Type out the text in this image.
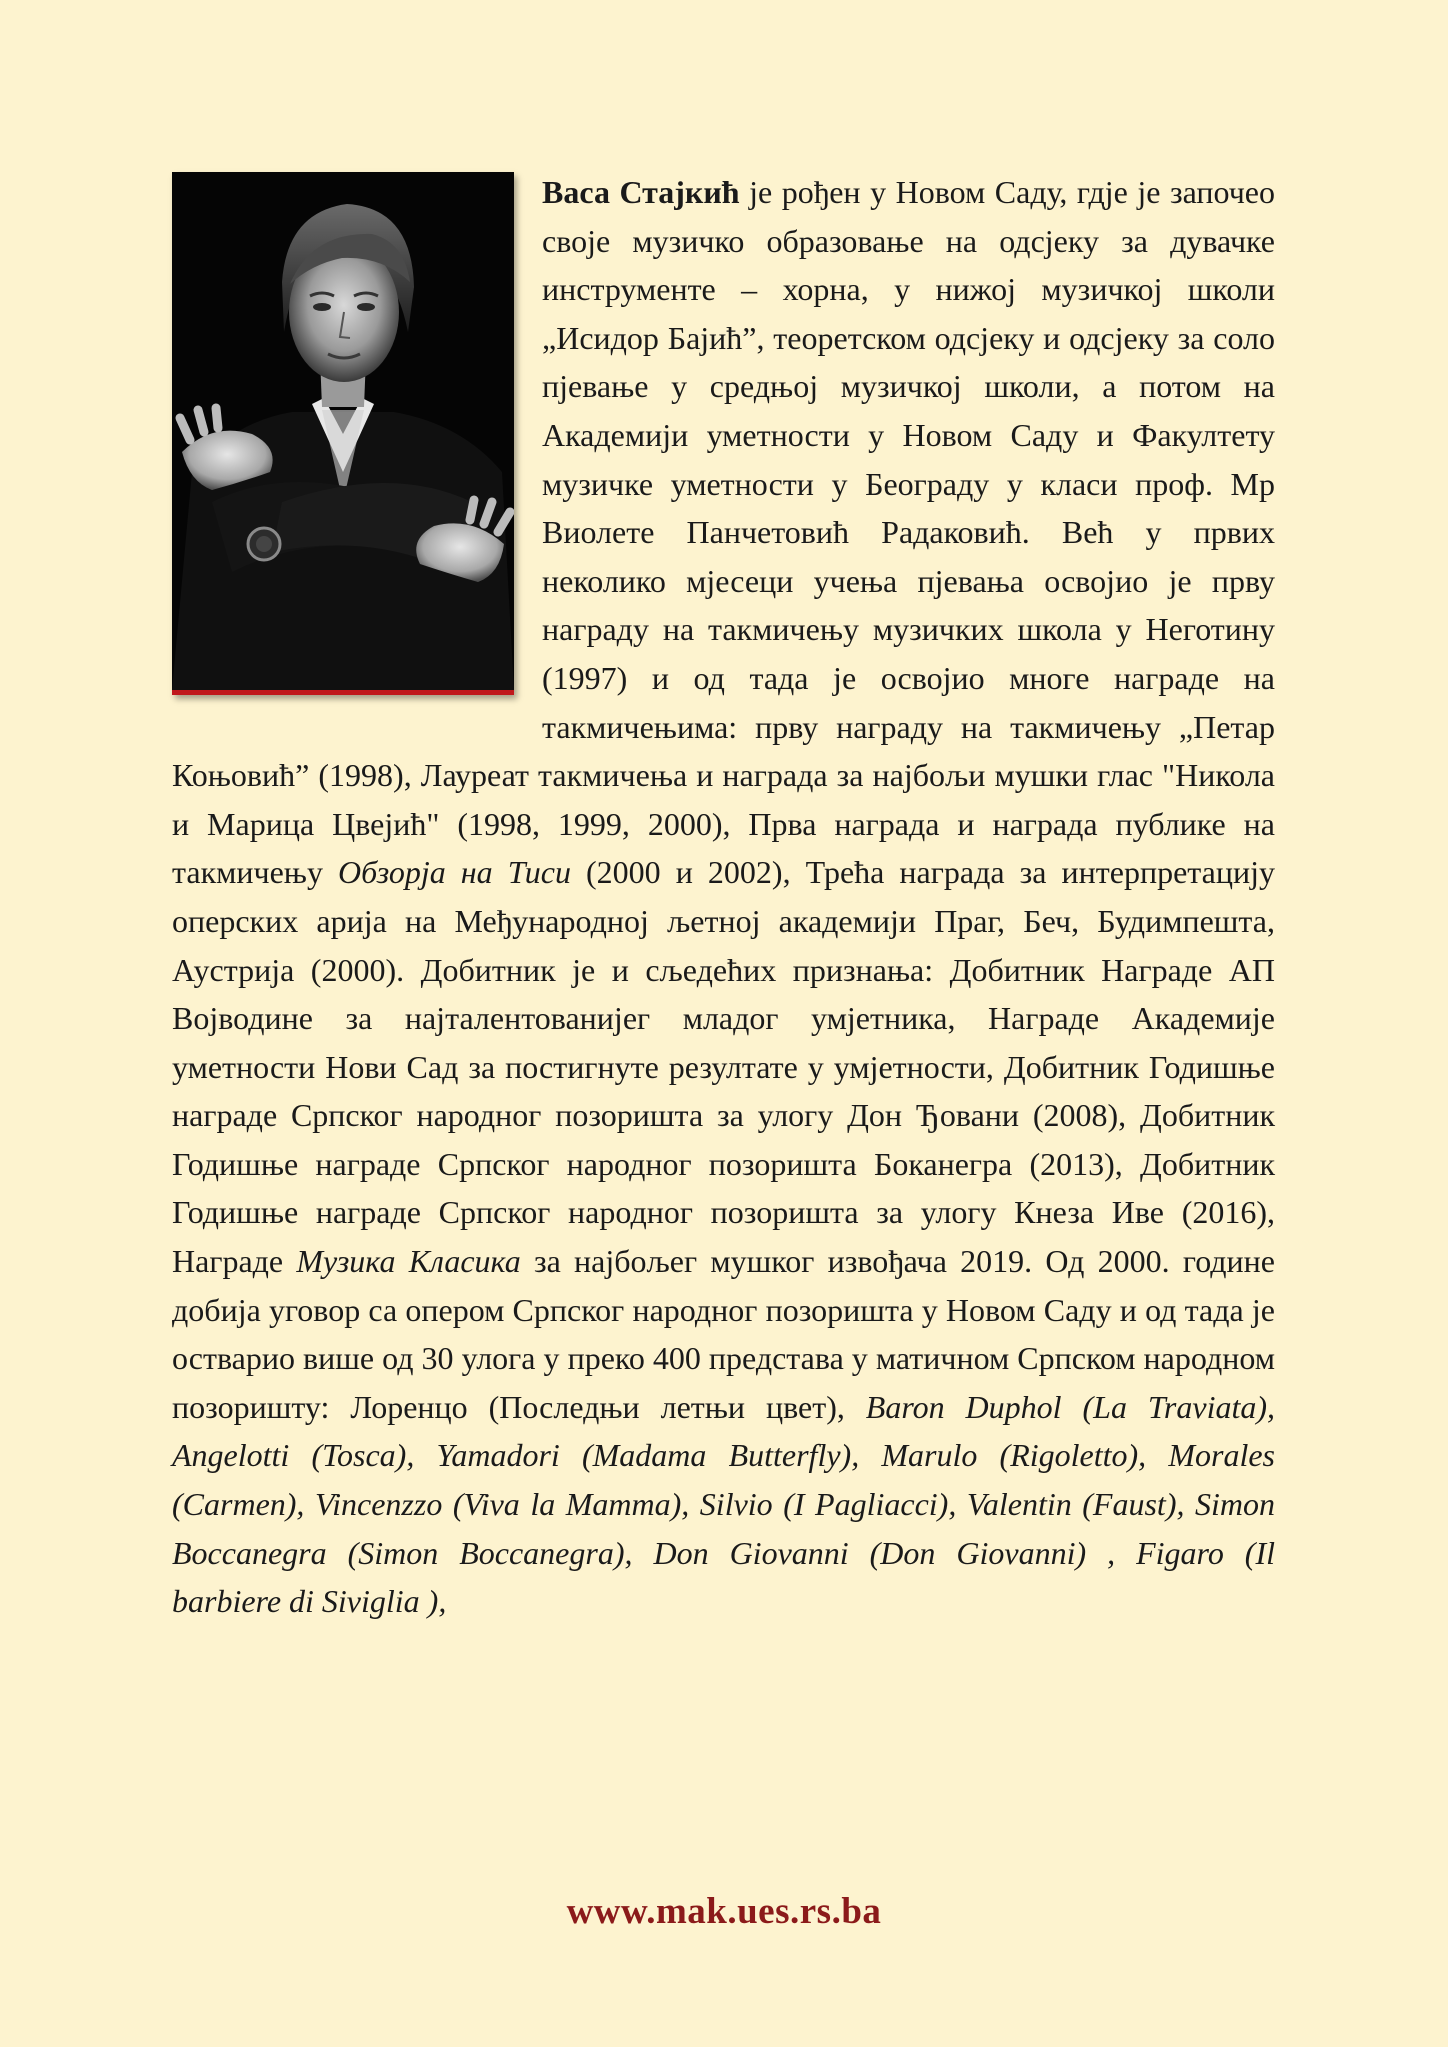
Васа Стајкић је рођен у Новом Саду, гдје је започео своје музичко образовање на одсјеку за дувачке инструменте – хорна, у нижој музичкој школи „Исидор Бајић”, теоретском одсјеку и одсјеку за соло пјевање у средњој музичкој школи, а потом на Академији уметности у Новом Саду и Факултету музичке уметности у Београду у класи проф. Мр Виолете Панчетовић Радаковић. Већ у првих неколико мјесеци учења пјевања освојио је прву награду на такмичењу музичких школа у Неготину (1997) и од тада је освојио многе награде на такмичењима: прву награду на такмичењу „Петар Коњовић” (1998), Лауреат такмичења и награда за најбољи мушки глас "Никола и Марица Цвејић" (1998, 1999, 2000), Прва награда и награда публике на такмичењу Обзорја на Тиси (2000 и 2002), Трећа награда за интерпретацију оперских арија на Међународној љетној академији Праг, Беч, Будимпешта, Аустрија (2000). Добитник је и сљедећих признања: Добитник Награде АП Војводине за најталентованијег младог умјетника, Награде Академије уметности Нови Сад за постигнуте резултате у умјетности, Добитник Годишње награде Српског народног позоришта за улогу Дон Ђовани (2008), Добитник Годишње награде Српског народног позоришта Боканегра (2013), Добитник Годишње награде Српског народног позоришта за улогу Кнеза Иве (2016), Награде Музика Класика за најбољег мушког извођача 2019. Од 2000. године добија уговор са опером Српског народног позоришта у Новом Саду и од тада је остварио више од 30 улога у преко 400 представа у матичном Српском народном позоришту: Лоренцо (Последњи летњи цвет), Baron Duphol (La Traviata), Angelotti (Tosca), Yamadori (Madama Butterfly), Marulo (Rigoletto), Morales (Carmen), Vincenzzo (Viva la Mamma), Silvio (I Pagliacci), Valentin (Faust), Simon Boccanegra (Simon Boccanegra), Don Giovanni (Don Giovanni) , Figaro (Il barbiere di Siviglia ),

www.mak.ues.rs.ba
